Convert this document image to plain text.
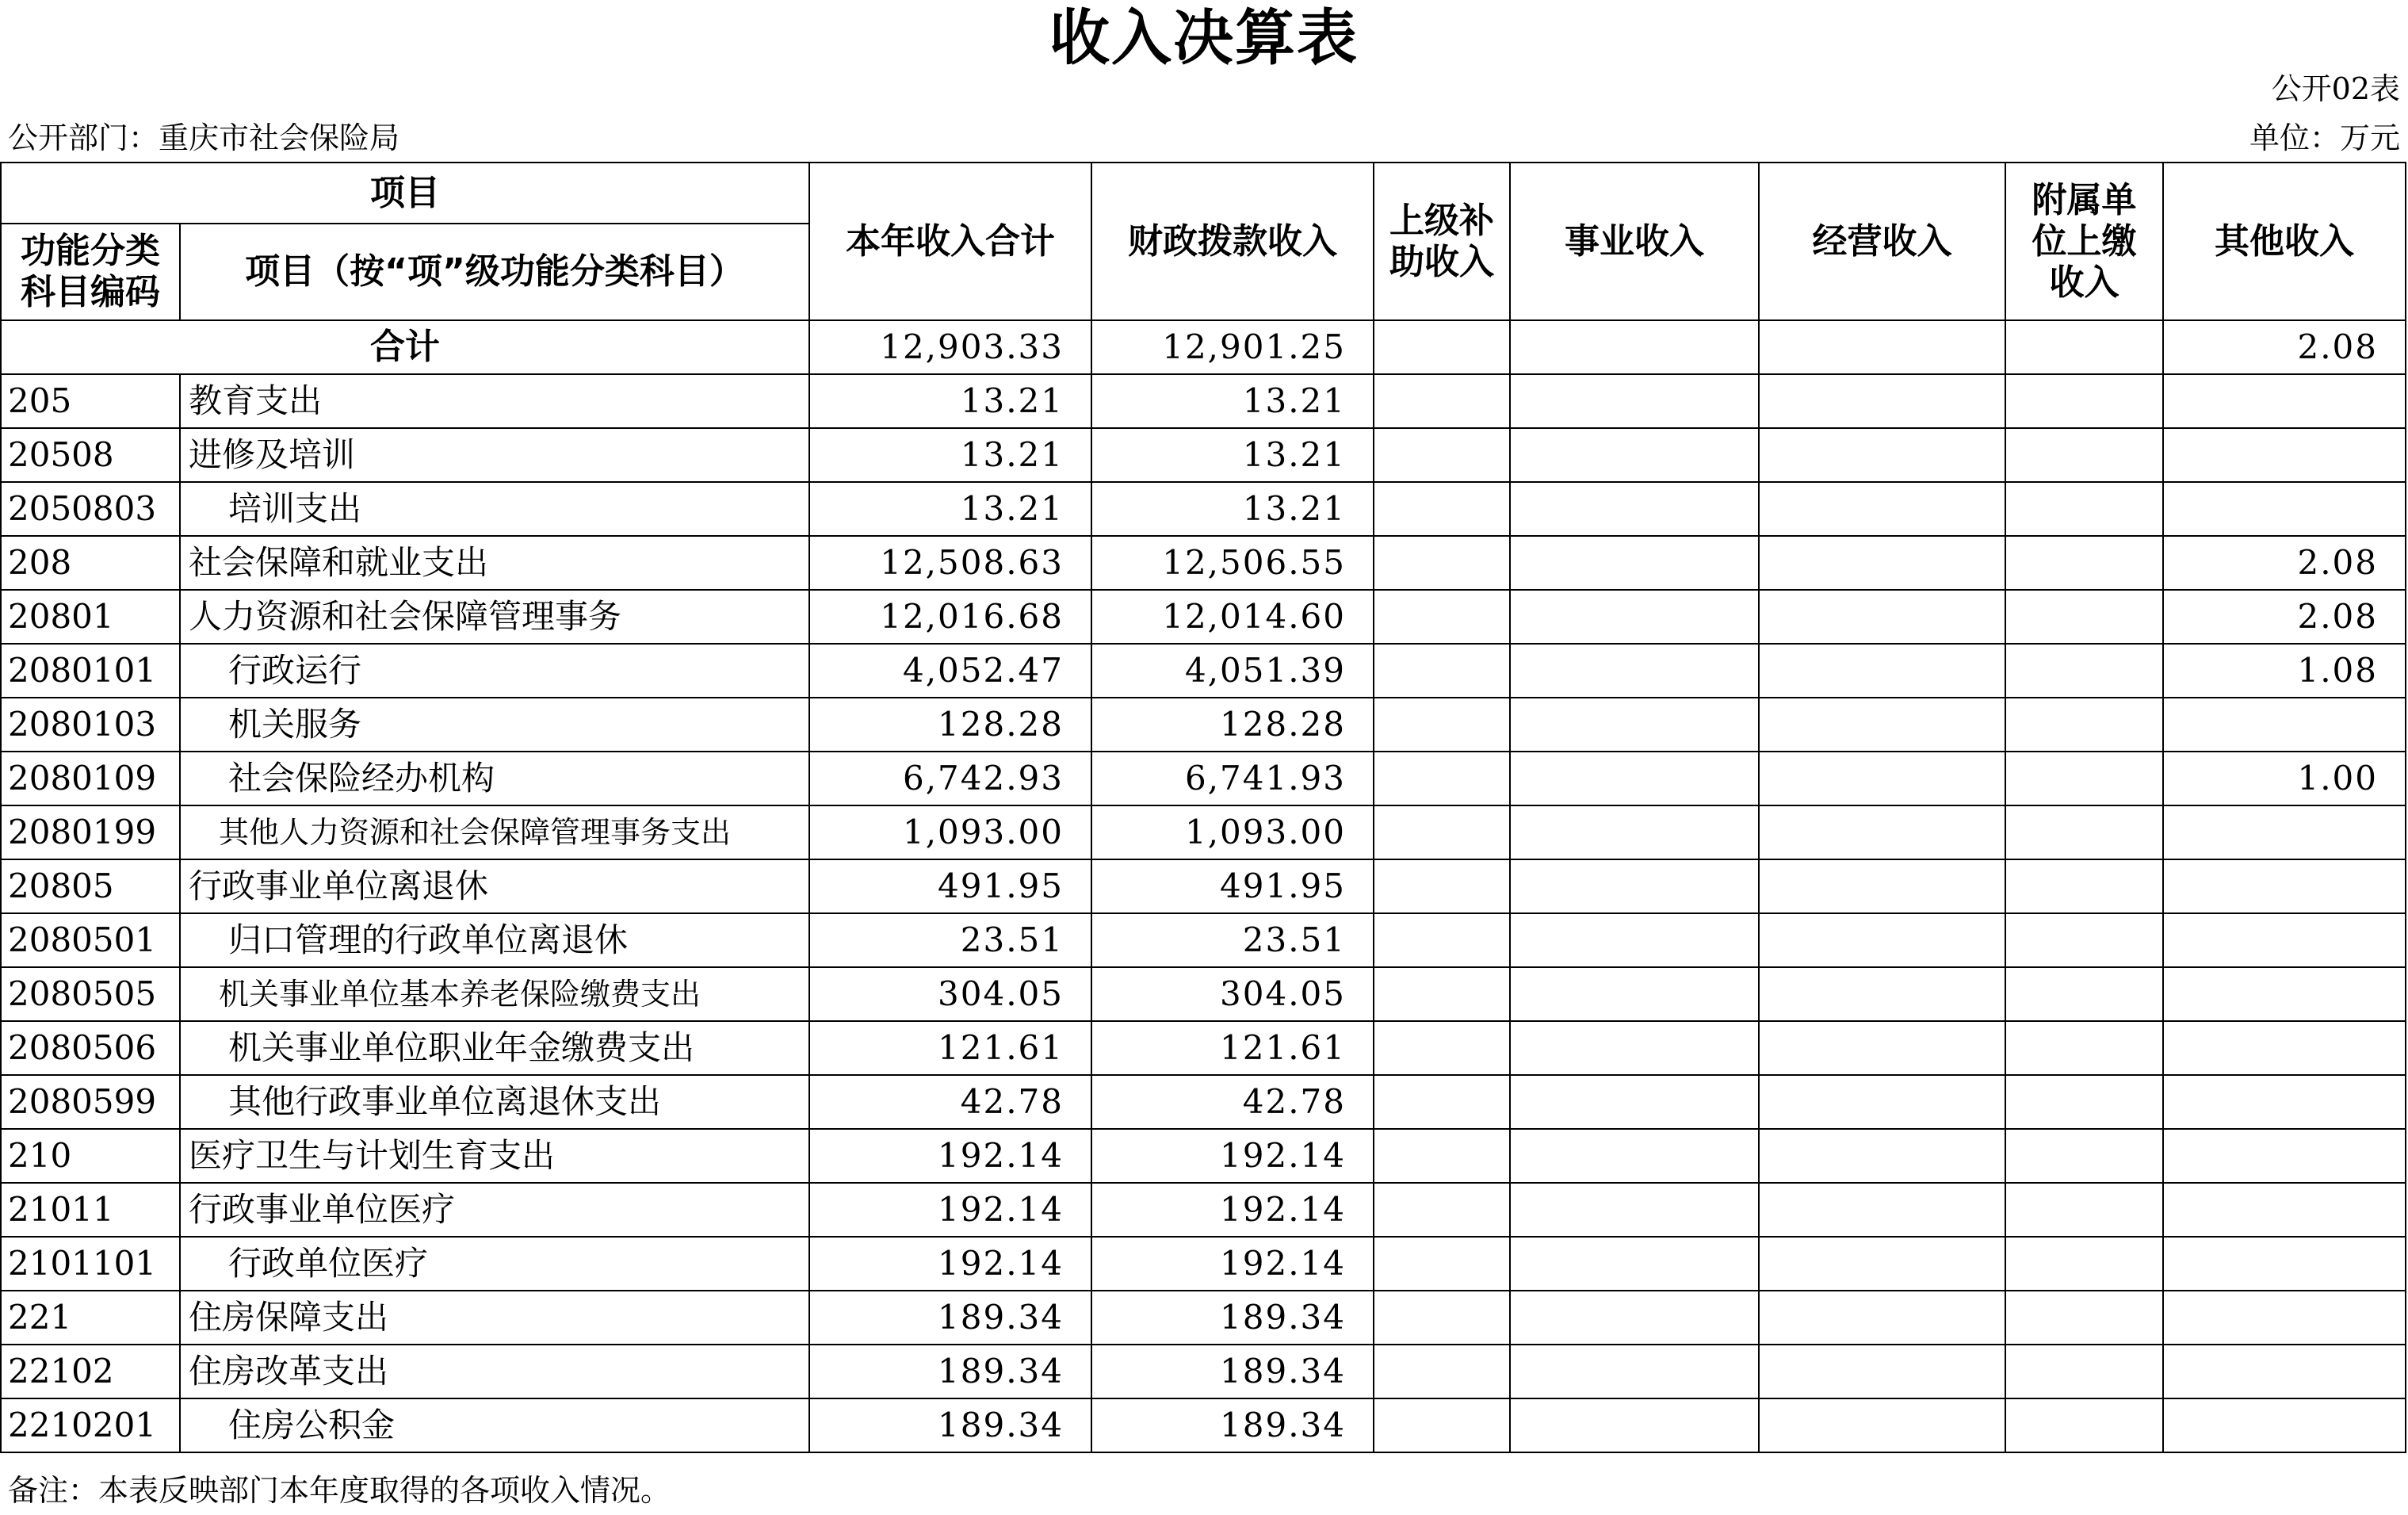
收入决算表
公开02表
公开部门：重庆市社会保险局	单位：万元
项目		本年收入合计	财政拨款收入	上级补助收入	事业收入	经营收入	附属单位上缴收入	其他收入
功能分类科目编码	项目（按“项”级功能分类科目）							
合计		12,903.33	12,901.25					2.08
205	教育支出	13.21	13.21					
20508	进修及培训	13.21	13.21					
2050803	培训支出	13.21	13.21					
208	社会保障和就业支出	12,508.63	12,506.55					2.08
20801	人力资源和社会保障管理事务	12,016.68	12,014.60					2.08
2080101	行政运行	4,052.47	4,051.39					1.08
2080103	机关服务	128.28	128.28					
2080109	社会保险经办机构	6,742.93	6,741.93					1.00
2080199	其他人力资源和社会保障管理事务支出	1,093.00	1,093.00					
20805	行政事业单位离退休	491.95	491.95					
2080501	归口管理的行政单位离退休	23.51	23.51					
2080505	机关事业单位基本养老保险缴费支出	304.05	304.05					
2080506	机关事业单位职业年金缴费支出	121.61	121.61					
2080599	其他行政事业单位离退休支出	42.78	42.78					
210	医疗卫生与计划生育支出	192.14	192.14					
21011	行政事业单位医疗	192.14	192.14					
2101101	行政单位医疗	192.14	192.14					
221	住房保障支出	189.34	189.34					
22102	住房改革支出	189.34	189.34					
2210201	住房公积金	189.34	189.34					
备注：本表反映部门本年度取得的各项收入情况。
